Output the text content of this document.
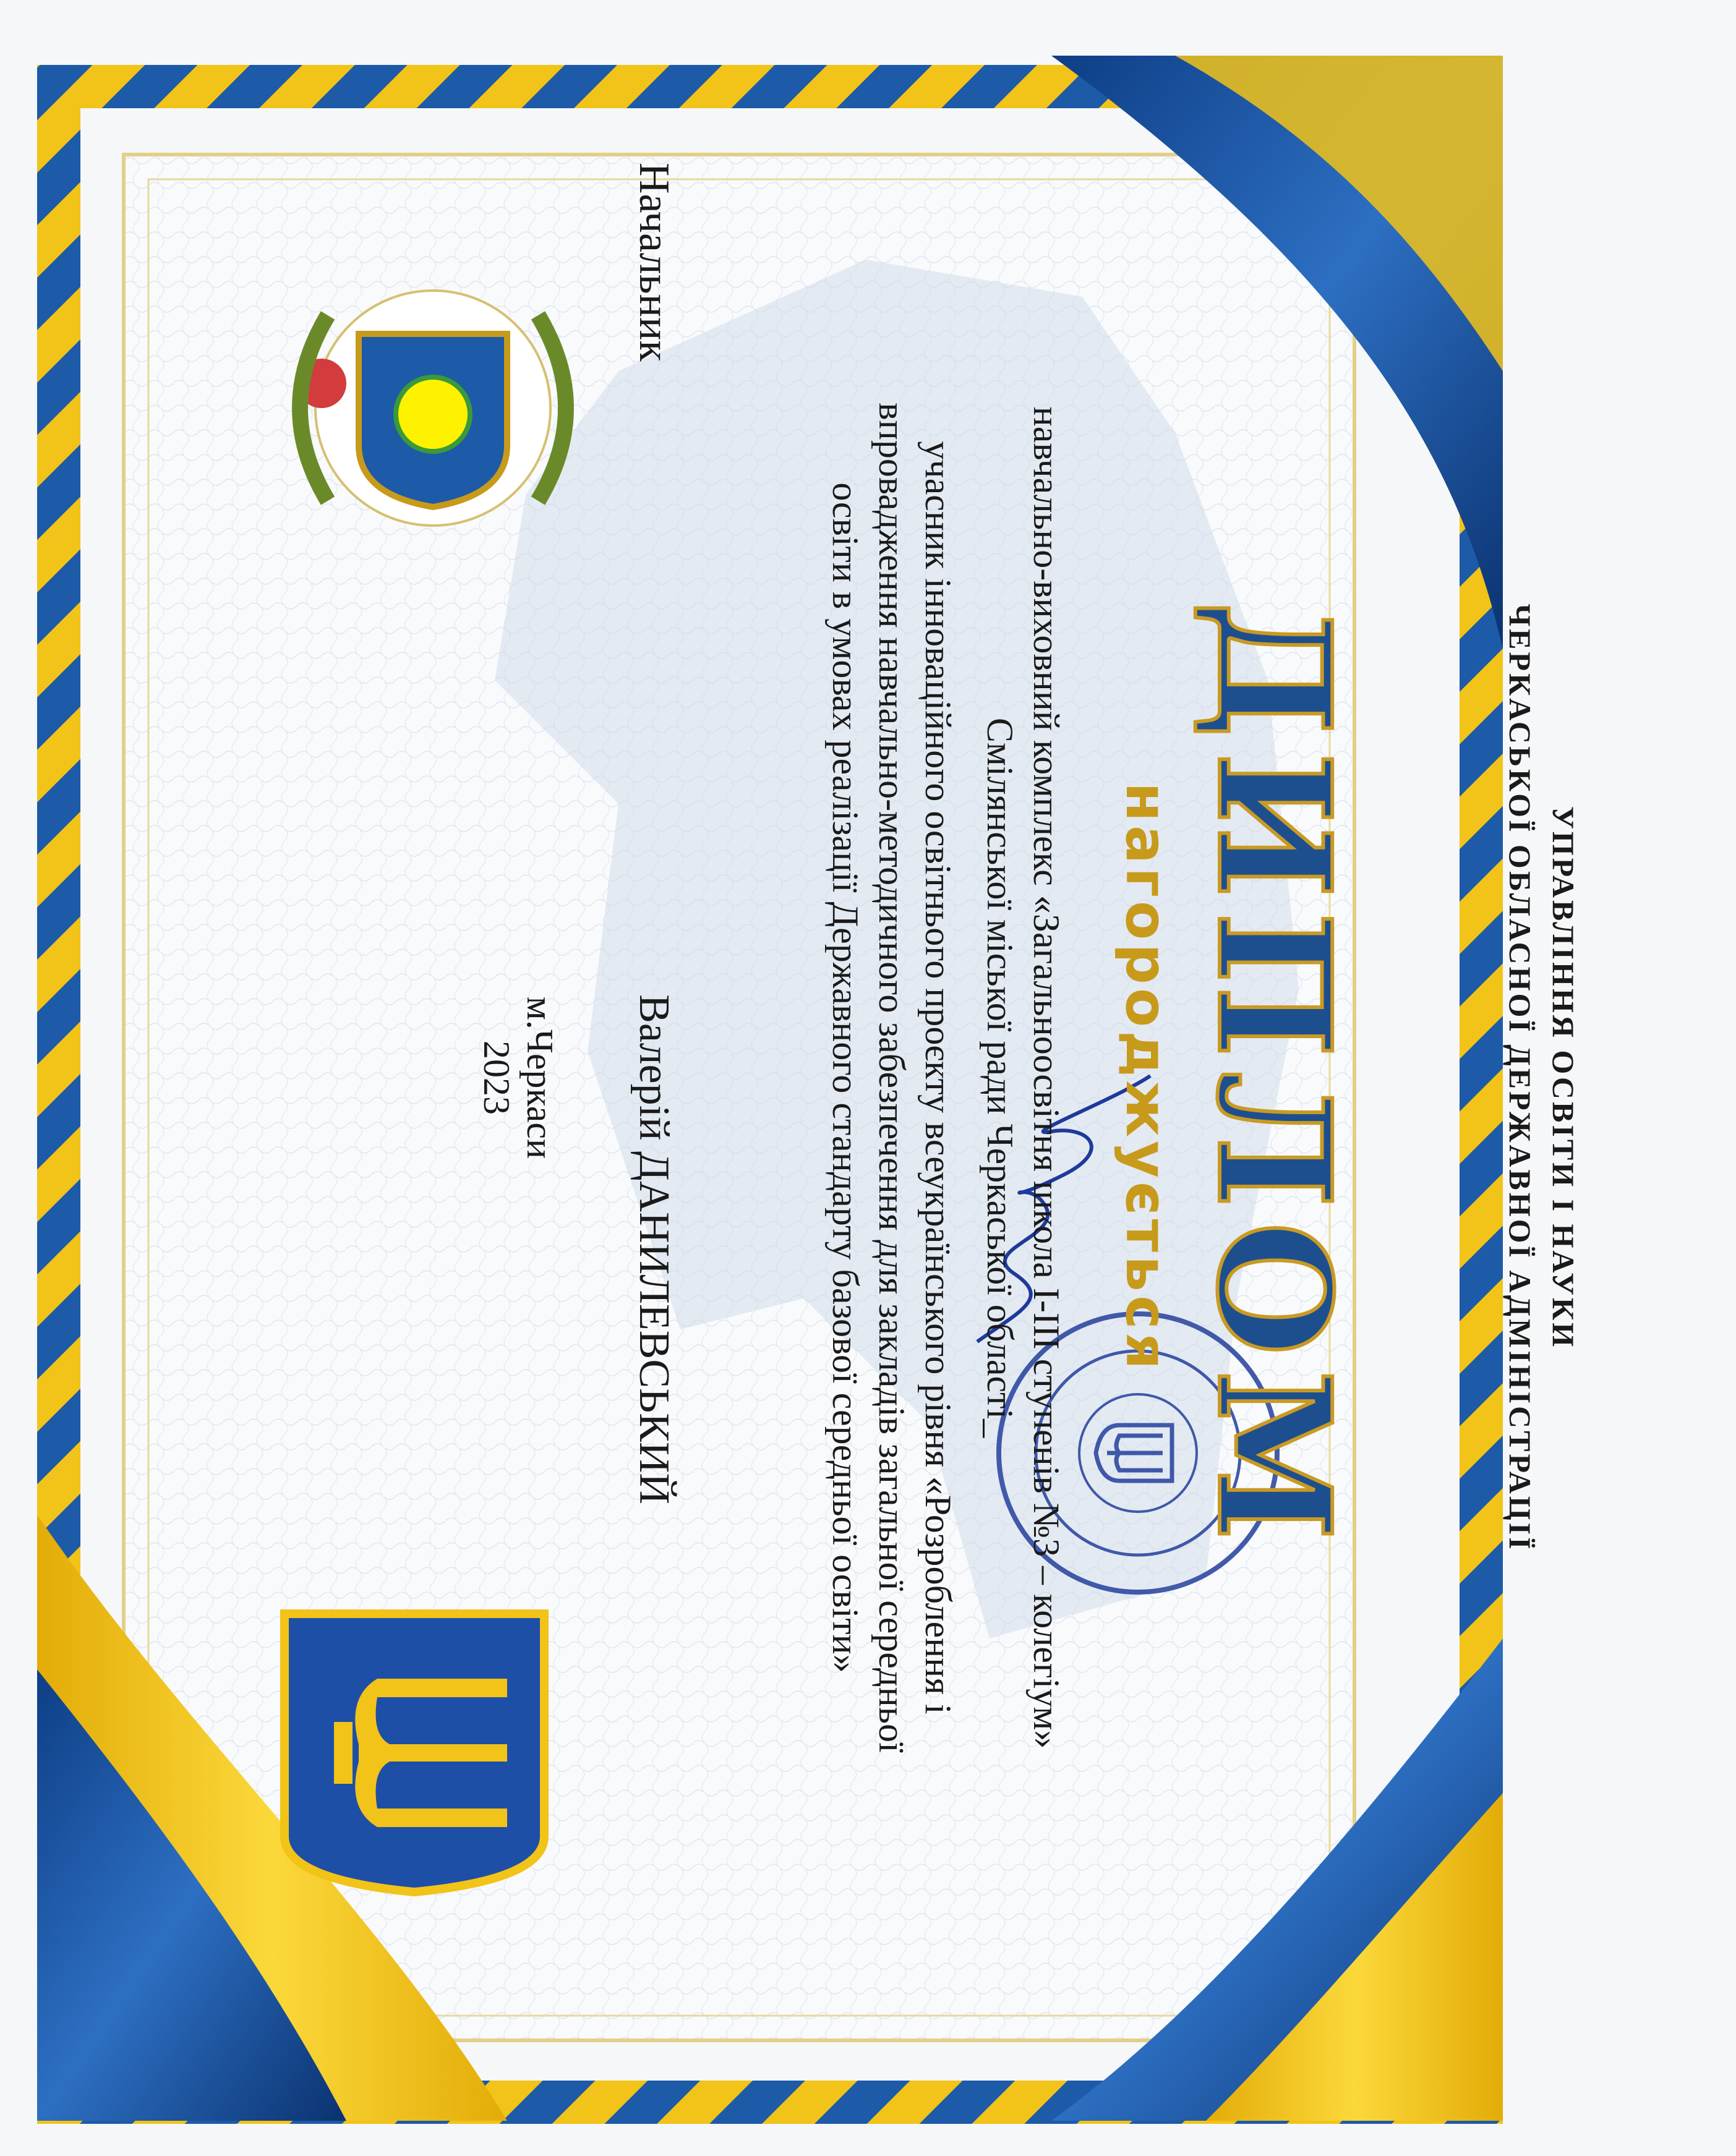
УПРАВЛІННЯ ОСВІТИ І НАУКИ
ЧЕРКАСЬКОЇ ОБЛАСНОЇ ДЕРЖАВНОЇ АДМІНІСТРАЦІЇ
ДИПЛОМ
нагороджується
навчально-виховний комплекс «Загальноосвітня школа І-ІІІ ступенів №3 – колегіум»
Смілянської міської ради Черкаської області_
учасник інноваційного освітнього проєкту всеукраїнського рівня «Розроблення і
впровадження навчально-методичного забезпечення для закладів загальної середньої
освіти в умовах реалізації Державного стандарту базової середньої освіти»
Начальник
Валерій ДАНИЛЕВСЬКИЙ
м.Черкаси
2023
